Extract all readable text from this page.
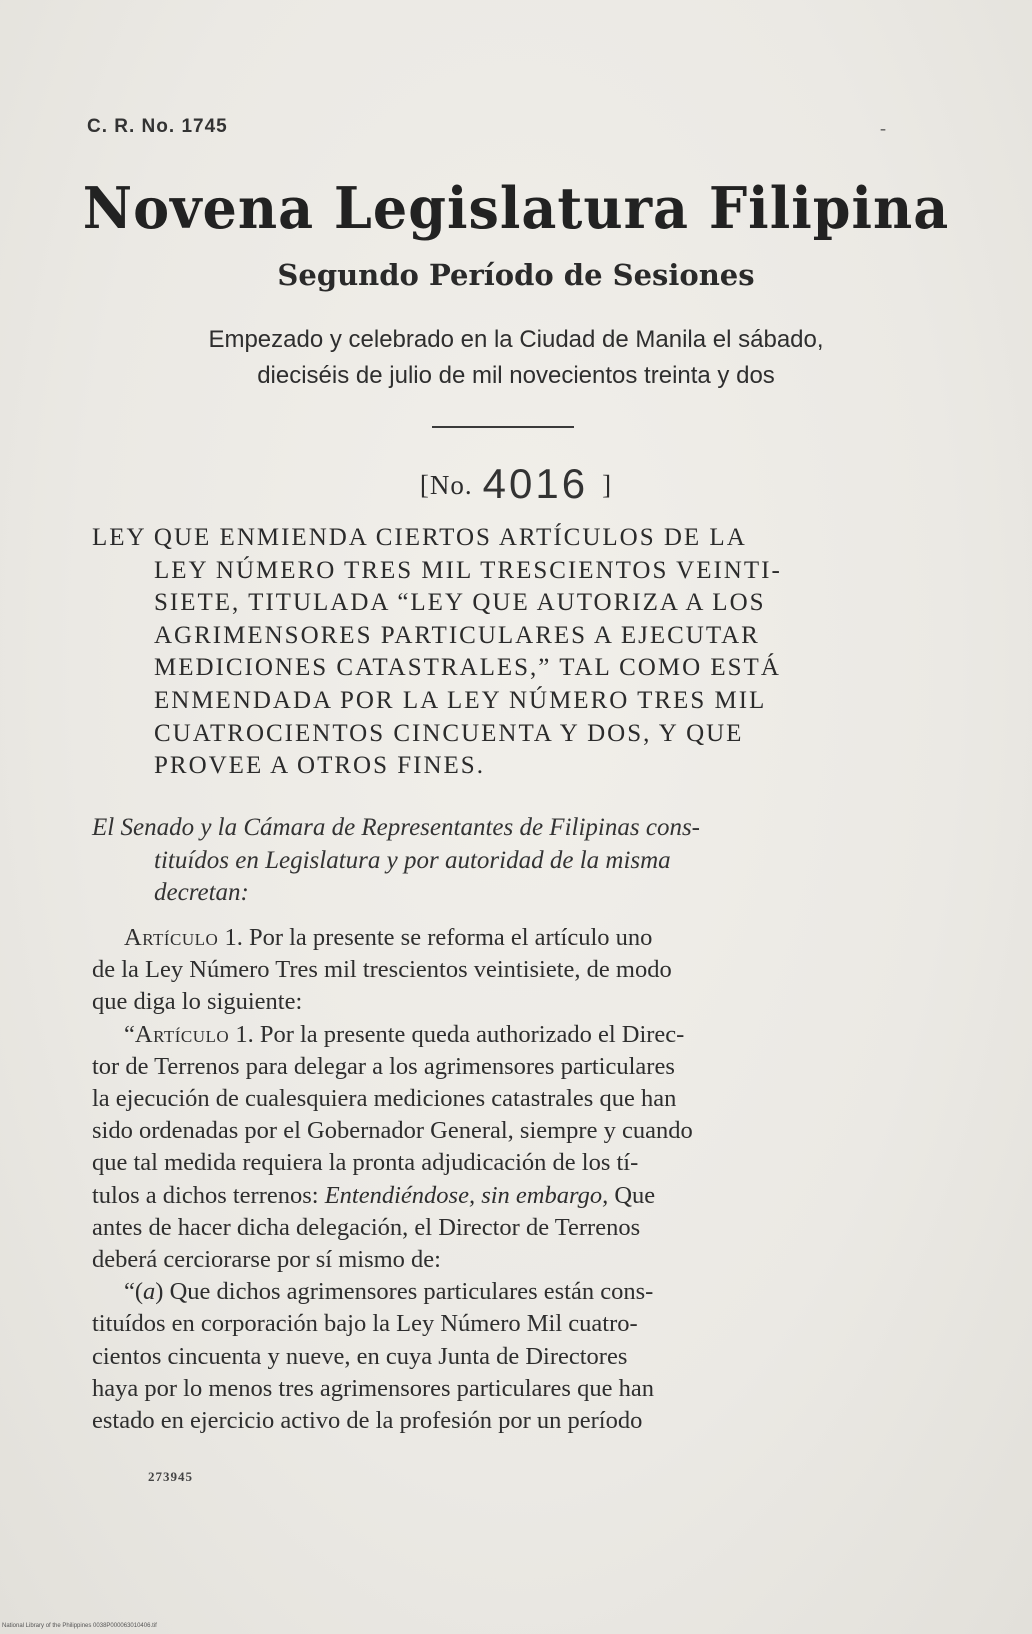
C. R. No. 1745	-
Novena Legislatura Filipina
Segundo Período de Sesiones
Empezado y celebrado en la Ciudad de Manila el sábado,
dieciséis de julio de mil novecientos treinta y dos
[No. 4016 ]
LEY QUE ENMIENDA CIERTOS ARTÍCULOS DE LA
LEY NÚMERO TRES MIL TRESCIENTOS VEINTI-
SIETE, TITULADA “LEY QUE AUTORIZA A LOS
AGRIMENSORES PARTICULARES A EJECUTAR
MEDICIONES CATASTRALES,” TAL COMO ESTÁ
ENMENDADA POR LA LEY NÚMERO TRES MIL
CUATROCIENTOS CINCUENTA Y DOS, Y QUE
PROVEE A OTROS FINES.
El Senado y la Cámara de Representantes de Filipinas cons-
tituídos en Legislatura y por autoridad de la misma
decretan:
Artículo 1. Por la presente se reforma el artículo uno
de la Ley Número Tres mil trescientos veintisiete, de modo
que diga lo siguiente:
“Artículo 1. Por la presente queda authorizado el Direc-
tor de Terrenos para delegar a los agrimensores particulares
la ejecución de cualesquiera mediciones catastrales que han
sido ordenadas por el Gobernador General, siempre y cuando
que tal medida requiera la pronta adjudicación de los tí-
tulos a dichos terrenos: Entendiéndose, sin embargo, Que
antes de hacer dicha delegación, el Director de Terrenos
deberá cerciorarse por sí mismo de:
“(a) Que dichos agrimensores particulares están cons-
tituídos en corporación bajo la Ley Número Mil cuatro-
cientos cincuenta y nueve, en cuya Junta de Directores
haya por lo menos tres agrimensores particulares que han
estado en ejercicio activo de la profesión por un período
273945
National Library of the Philippines 0038P000063010406.tif
